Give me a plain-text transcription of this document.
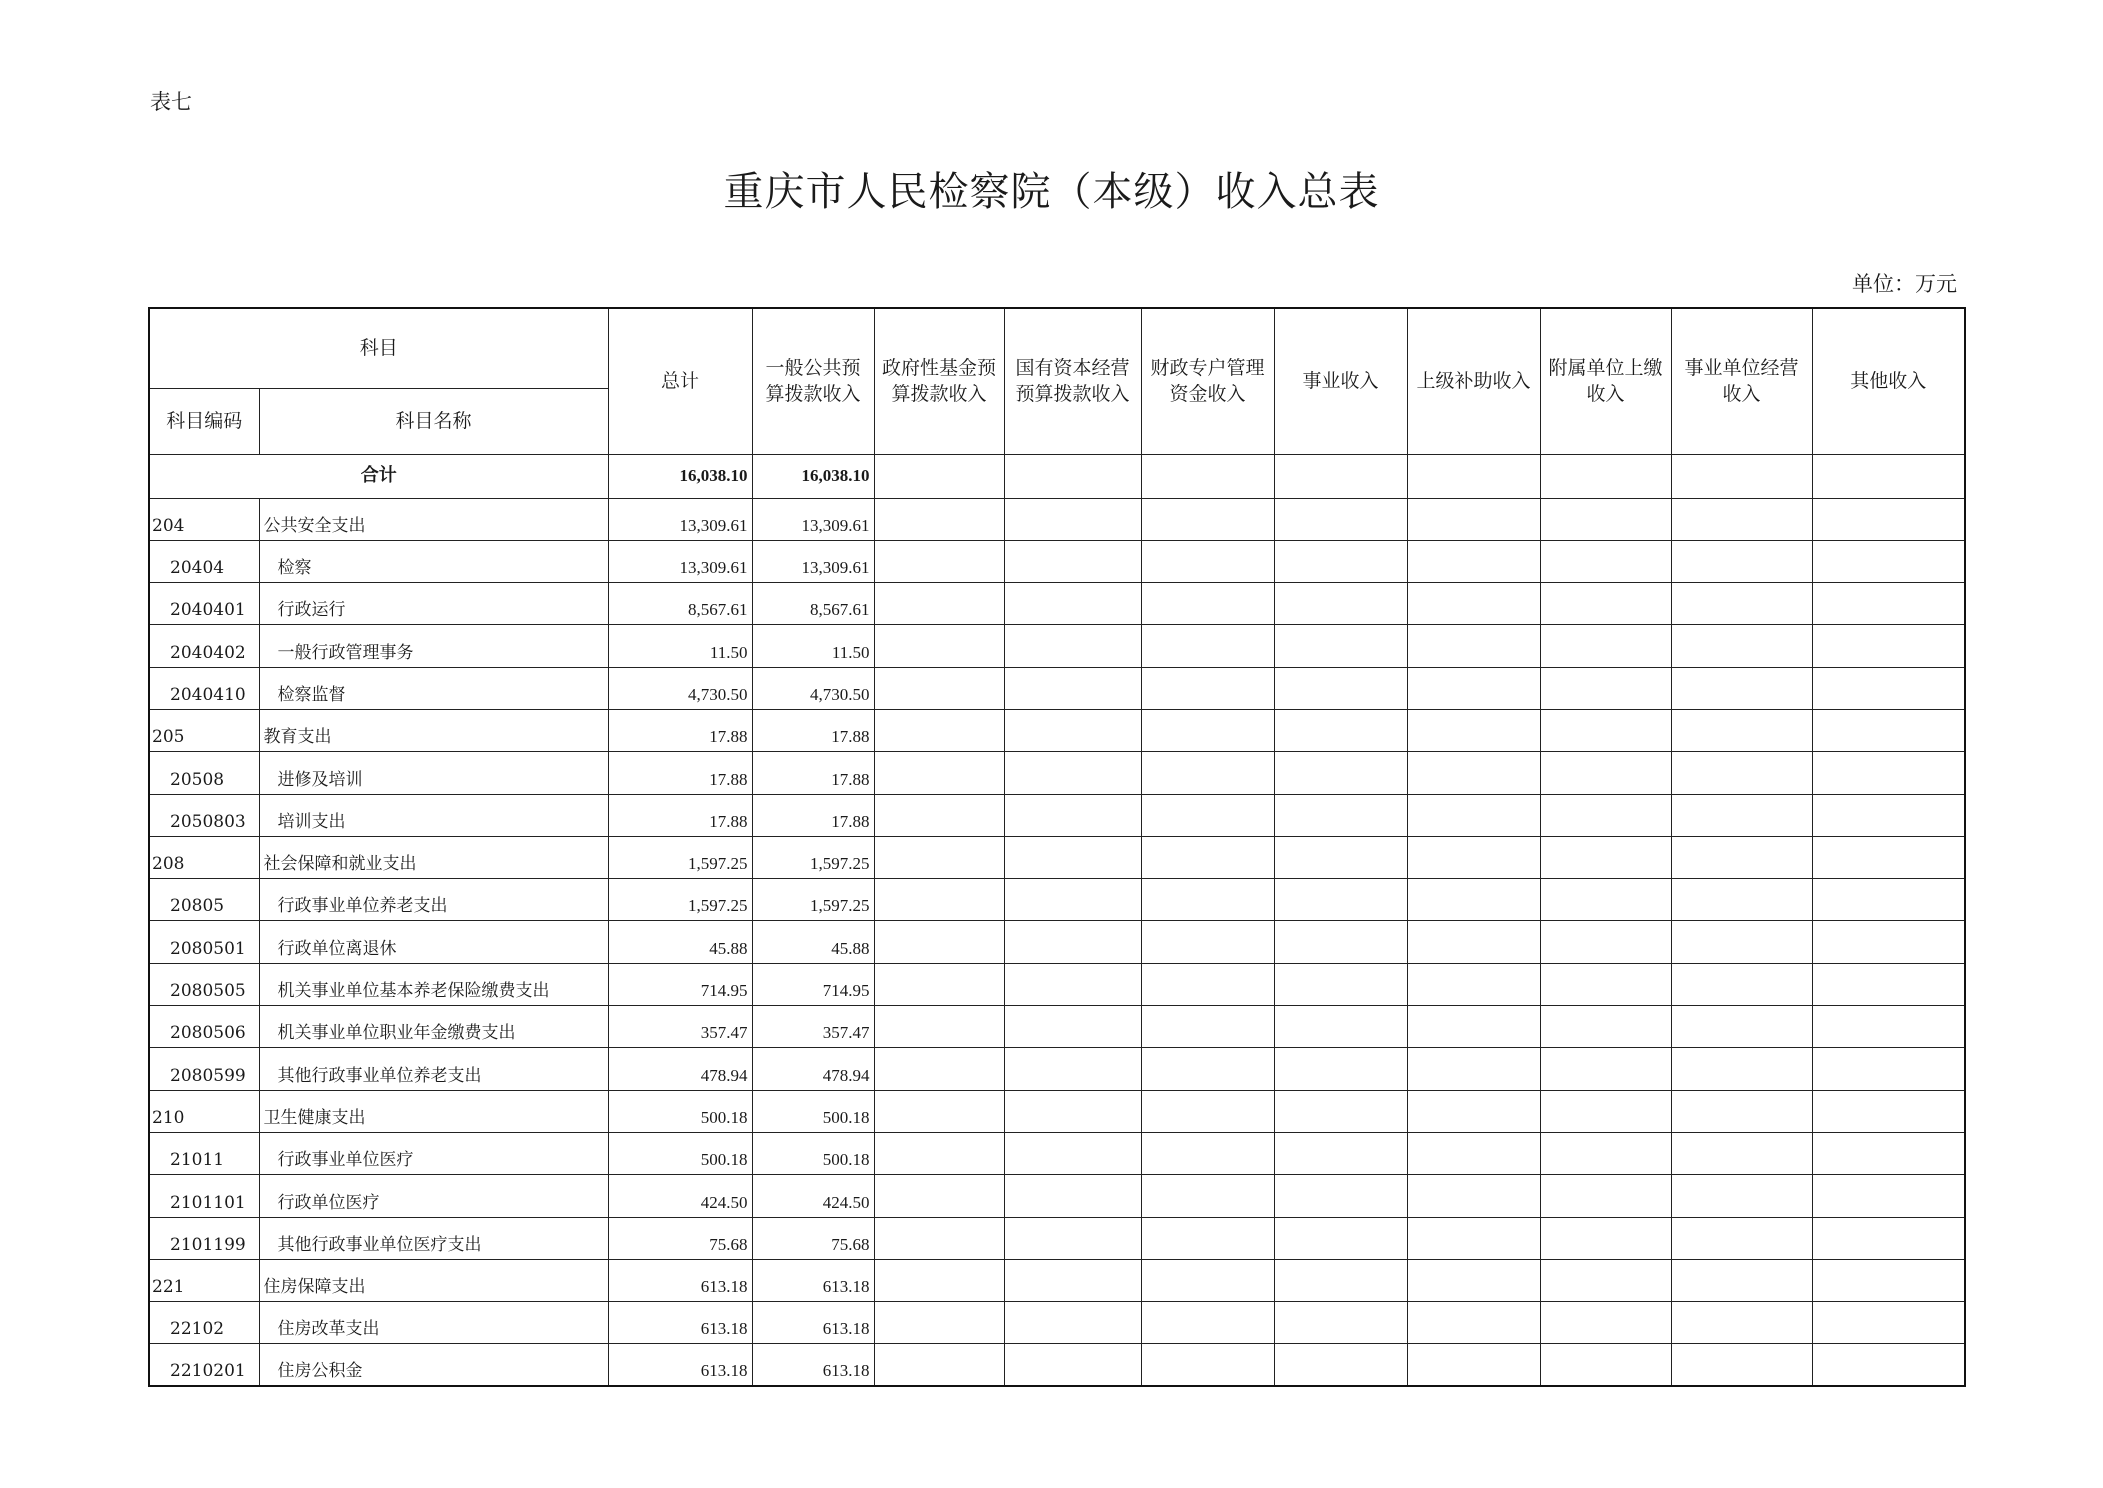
表七
重庆市人民检察院（本级）收入总表
单位：万元
科目		总计	一般公共预算拨款收入	政府性基金预算拨款收入	国有资本经营预算拨款收入	财政专户管理资金收入	事业收入	上级补助收入	附属单位上缴收入	事业单位经营收入	其他收入
科目编码	科目名称										
合计		16,038.10	16,038.10								
204	公共安全支出	13,309.61	13,309.61								
20404	检察	13,309.61	13,309.61								
2040401	行政运行	8,567.61	8,567.61								
2040402	一般行政管理事务	11.50	11.50								
2040410	检察监督	4,730.50	4,730.50								
205	教育支出	17.88	17.88								
20508	进修及培训	17.88	17.88								
2050803	培训支出	17.88	17.88								
208	社会保障和就业支出	1,597.25	1,597.25								
20805	行政事业单位养老支出	1,597.25	1,597.25								
2080501	行政单位离退休	45.88	45.88								
2080505	机关事业单位基本养老保险缴费支出	714.95	714.95								
2080506	机关事业单位职业年金缴费支出	357.47	357.47								
2080599	其他行政事业单位养老支出	478.94	478.94								
210	卫生健康支出	500.18	500.18								
21011	行政事业单位医疗	500.18	500.18								
2101101	行政单位医疗	424.50	424.50								
2101199	其他行政事业单位医疗支出	75.68	75.68								
221	住房保障支出	613.18	613.18								
22102	住房改革支出	613.18	613.18								
2210201	住房公积金	613.18	613.18								
